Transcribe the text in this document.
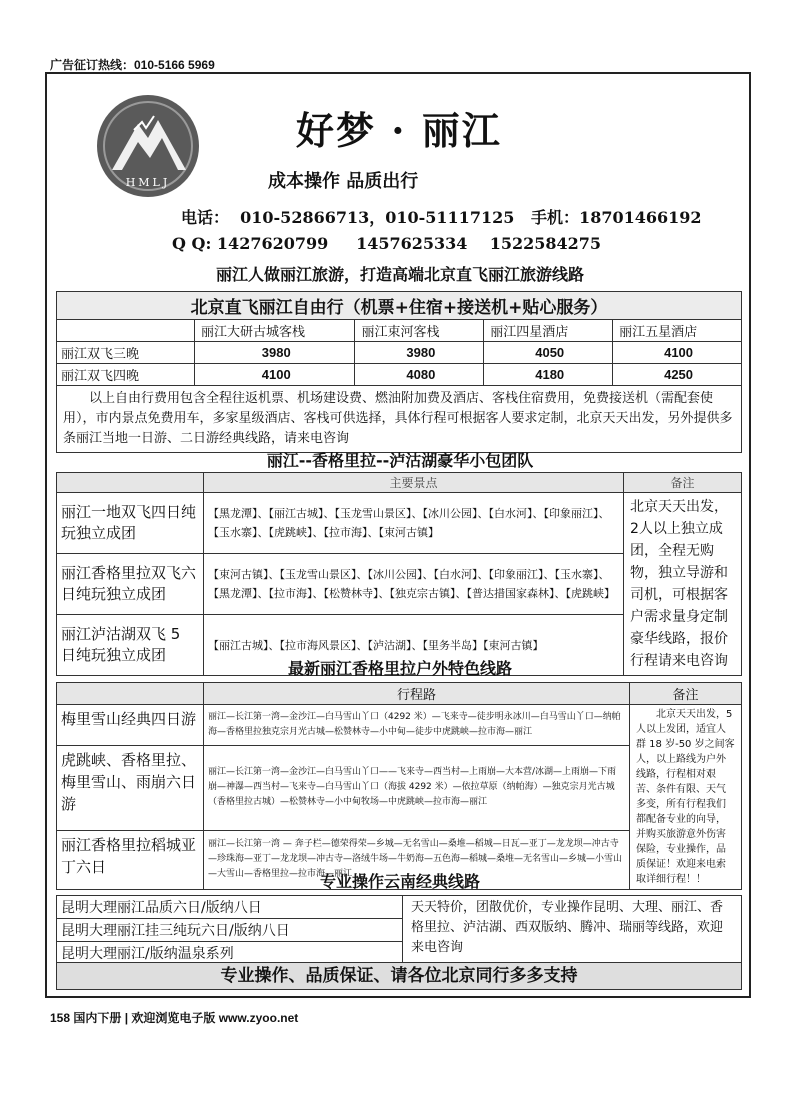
广告征订热线：010-5166 5969
HMLJ
好梦 · 丽江
成本操作 品质出行
电话：  010-52866713，010-51117125   手机：18701466192
Q Q: 1427620799     1457625334    1522584275
丽江人做丽江旅游，打造高端北京直飞丽江旅游线路
北京直飞丽江自由行（机票+住宿+接送机+贴心服务）				
	丽江大研古城客栈	丽江束河客栈	丽江四星酒店	丽江五星酒店
丽江双飞三晚	3980	3980	4050	4100
丽江双飞四晚	4100	4080	4180	4250
以上自由行费用包含全程往返机票、机场建设费、燃油附加费及酒店、客栈住宿费用，免费接送机（需配套使用），市内景点免费用车，多家星级酒店、客栈可供选择，具体行程可根据客人要求定制，北京天天出发，另外提供多条丽江当地一日游、二日游经典线路，请来电咨询				
丽江--香格里拉--泸沽湖豪华小包团队
	主要景点	备注
丽江一地双飞四日纯玩独立成团	【黑龙潭】、【丽江古城】、【玉龙雪山景区】、【冰川公园】、【白水河】、【印象丽江】、【玉水寨】、【虎跳峡】、【拉市海】、【束河古镇】	北京天天出发，2人以上独立成团，全程无购物，独立导游和司机，可根据客户需求量身定制豪华线路，报价行程请来电咨询
丽江香格里拉双飞六日纯玩独立成团	【束河古镇】、【玉龙雪山景区】、【冰川公园】、【白水河】、【印象丽江】、【玉水寨】、【黑龙潭】、【拉市海】、【松赞林寺】、【独克宗古镇】、【普达措国家森林】、【虎跳峡】	
丽江泸沽湖双飞 5 日纯玩独立成团	【丽江古城】、【拉市海风景区】、【泸沽湖】、【里务半岛】【束河古镇】	
最新丽江香格里拉户外特色线路
	行程路	备注
梅里雪山经典四日游	丽江—长江第一湾—金沙江—白马雪山丫口（4292 米）—飞来寺—徒步明永冰川—白马雪山丫口—纳帕海—香格里拉独克宗月光古城—松赞林寺—小中甸—徒步中虎跳峡—拉市海—丽江	北京天天出发，5 人以上发团，适宜人群 18 岁-50 岁之间客人，以上路线为户外线路，行程相对艰苦、条件有限、天气多变，所有行程我们都配备专业的向导，并购买旅游意外伤害保险，专业操作，品质保证！欢迎来电索取详细行程！！
虎跳峡、香格里拉、梅里雪山、雨崩六日游	丽江—长江第一湾—金沙江—白马雪山丫口——飞来寺—西当村—上雨崩—大本营/冰湖—上雨崩—下雨崩—神瀑—西当村—飞来寺—白马雪山丫口（海拔 4292 米）—依拉草原（纳帕海）—独克宗月光古城（香格里拉古城）—松赞林寺—小中甸牧场—中虎跳峡—拉市海—丽江	
丽江香格里拉稻城亚丁六日	丽江—长江第一湾 — 奔子栏—德荣得荣—乡城—无名雪山—桑堆—稻城—日瓦—亚丁—龙龙坝—冲古寺—珍珠海—亚丁—龙龙坝—冲古寺—洛绒牛场—牛奶海—五色海—稻城—桑堆—无名雪山—乡城—小雪山—大雪山—香格里拉—拉市海—丽江	
专业操作云南经典线路
昆明大理丽江品质六日/版纳八日	天天特价，团散优价，专业操作昆明、大理、丽江、香格里拉、泸沽湖、西双版纳、腾冲、瑞丽等线路，欢迎来电咨询
昆明大理丽江挂三纯玩六日/版纳八日
昆明大理丽江/版纳温泉系列
专业操作、品质保证、请各位北京同行多多支持
158 国内下册 | 欢迎浏览电子版 www.zyoo.net
